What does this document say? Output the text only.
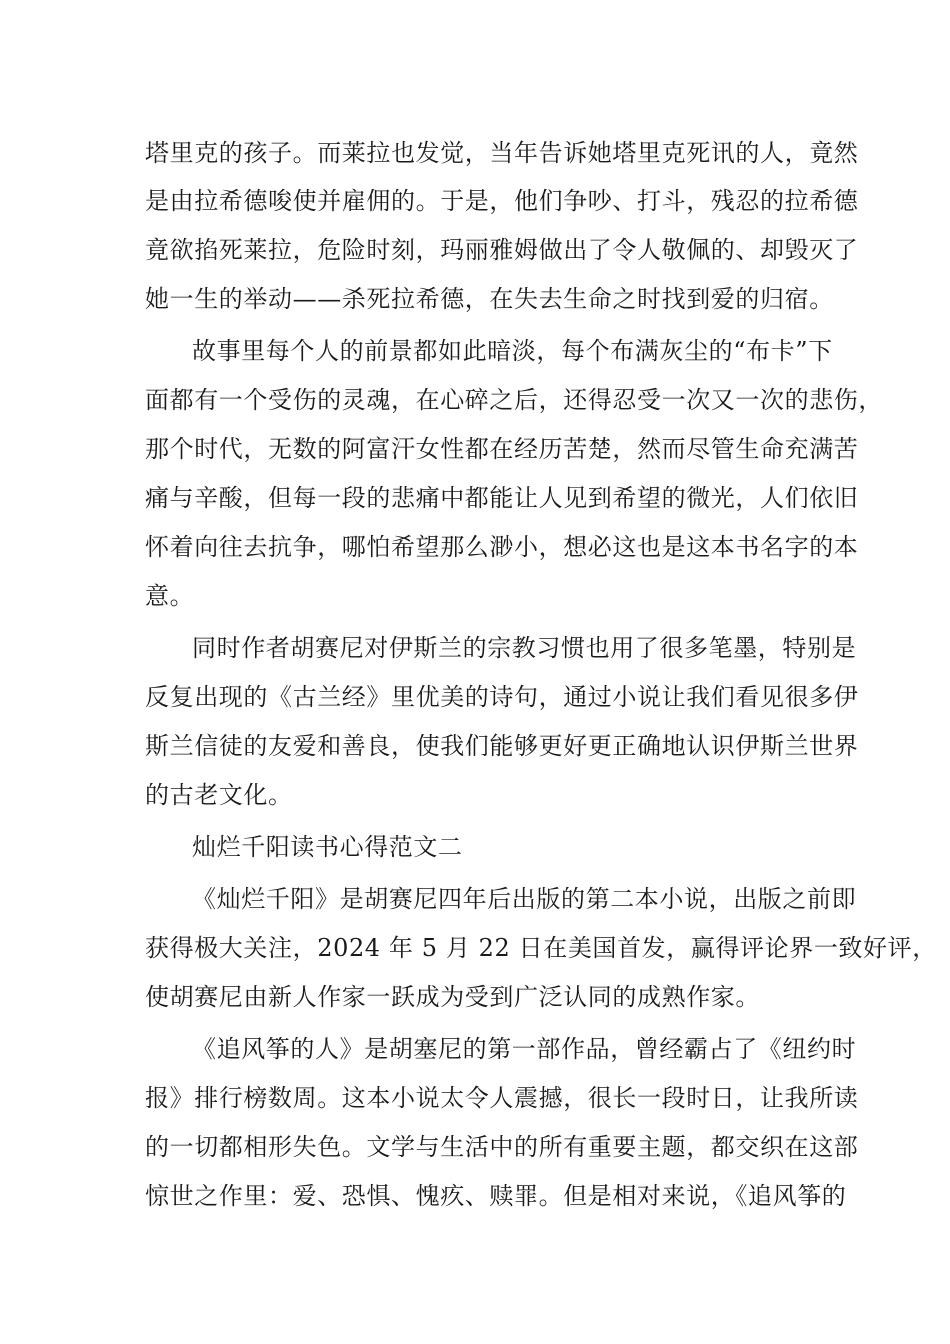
塔里克的孩子。而莱拉也发觉，当年告诉她塔里克死讯的人，竟然
是由拉希德唆使并雇佣的。于是，他们争吵、打斗，残忍的拉希德
竟欲掐死莱拉，危险时刻，玛丽雅姆做出了令人敬佩的、却毁灭了
她一生的举动——杀死拉希德，在失去生命之时找到爱的归宿。
故事里每个人的前景都如此暗淡，每个布满灰尘的“布卡”下
面都有一个受伤的灵魂，在心碎之后，还得忍受一次又一次的悲伤，
那个时代，无数的阿富汗女性都在经历苦楚，然而尽管生命充满苦
痛与辛酸，但每一段的悲痛中都能让人见到希望的微光，人们依旧
怀着向往去抗争，哪怕希望那么渺小，想必这也是这本书名字的本
意。
同时作者胡赛尼对伊斯兰的宗教习惯也用了很多笔墨，特别是
反复出现的《古兰经》里优美的诗句，通过小说让我们看见很多伊
斯兰信徒的友爱和善良，使我们能够更好更正确地认识伊斯兰世界
的古老文化。
灿烂千阳读书心得范文二
《灿烂千阳》是胡赛尼四年后出版的第二本小说，出版之前即
获得极大关注，2024 年 5 月 22 日在美国首发，赢得评论界一致好评，
使胡赛尼由新人作家一跃成为受到广泛认同的成熟作家。
《追风筝的人》是胡塞尼的第一部作品，曾经霸占了《纽约时
报》排行榜数周。这本小说太令人震撼，很长一段时日，让我所读
的一切都相形失色。文学与生活中的所有重要主题，都交织在这部
惊世之作里：爱、恐惧、愧疚、赎罪。但是相对来说，《追风筝的
